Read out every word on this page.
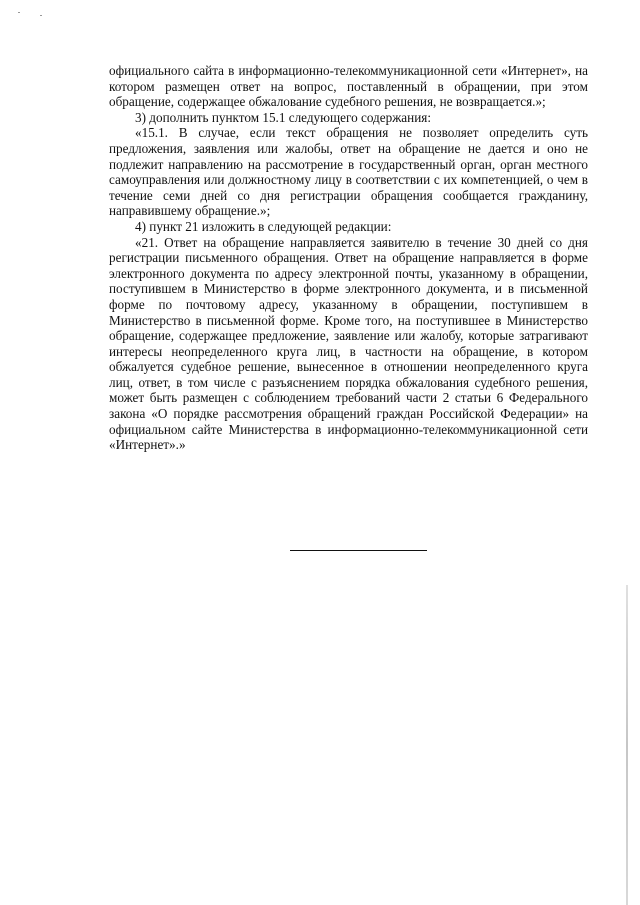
официального сайта в информационно-телекоммуникационной сети «Интернет», на котором размещен ответ на вопрос, поставленный в обращении, при этом обращение, содержащее обжалование судебного решения, не возвращается.»;

3) дополнить пунктом 15.1 следующего содержания:

«15.1. В случае, если текст обращения не позволяет определить суть предложения, заявления или жалобы, ответ на обращение не дается и оно не подлежит направлению на рассмотрение в государственный орган, орган местного самоуправления или должностному лицу в соответствии с их компетенцией, о чем в течение семи дней со дня регистрации обращения сообщается гражданину, направившему обращение.»;

4) пункт 21 изложить в следующей редакции:

«21. Ответ на обращение направляется заявителю в течение 30 дней со дня регистрации письменного обращения. Ответ на обращение направляется в форме электронного документа по адресу электронной почты, указанному в обращении, поступившем в Министерство в форме электронного документа, и в письменной форме по почтовому адресу, указанному в обращении, поступившем в Министерство в письменной форме. Кроме того, на поступившее в Министерство обращение, содержащее предложение, заявление или жалобу, которые затрагивают интересы неопределенного круга лиц, в частности на обращение, в котором обжалуется судебное решение, вынесенное в отношении неопределенного круга лиц, ответ, в том числе с разъяснением порядка обжалования судебного решения, может быть размещен с соблюдением требований части 2 статьи 6 Федерального закона «О порядке рассмотрения обращений граждан Российской Федерации» на официальном сайте Министерства в информационно-телекоммуникационной сети «Интернет».»
